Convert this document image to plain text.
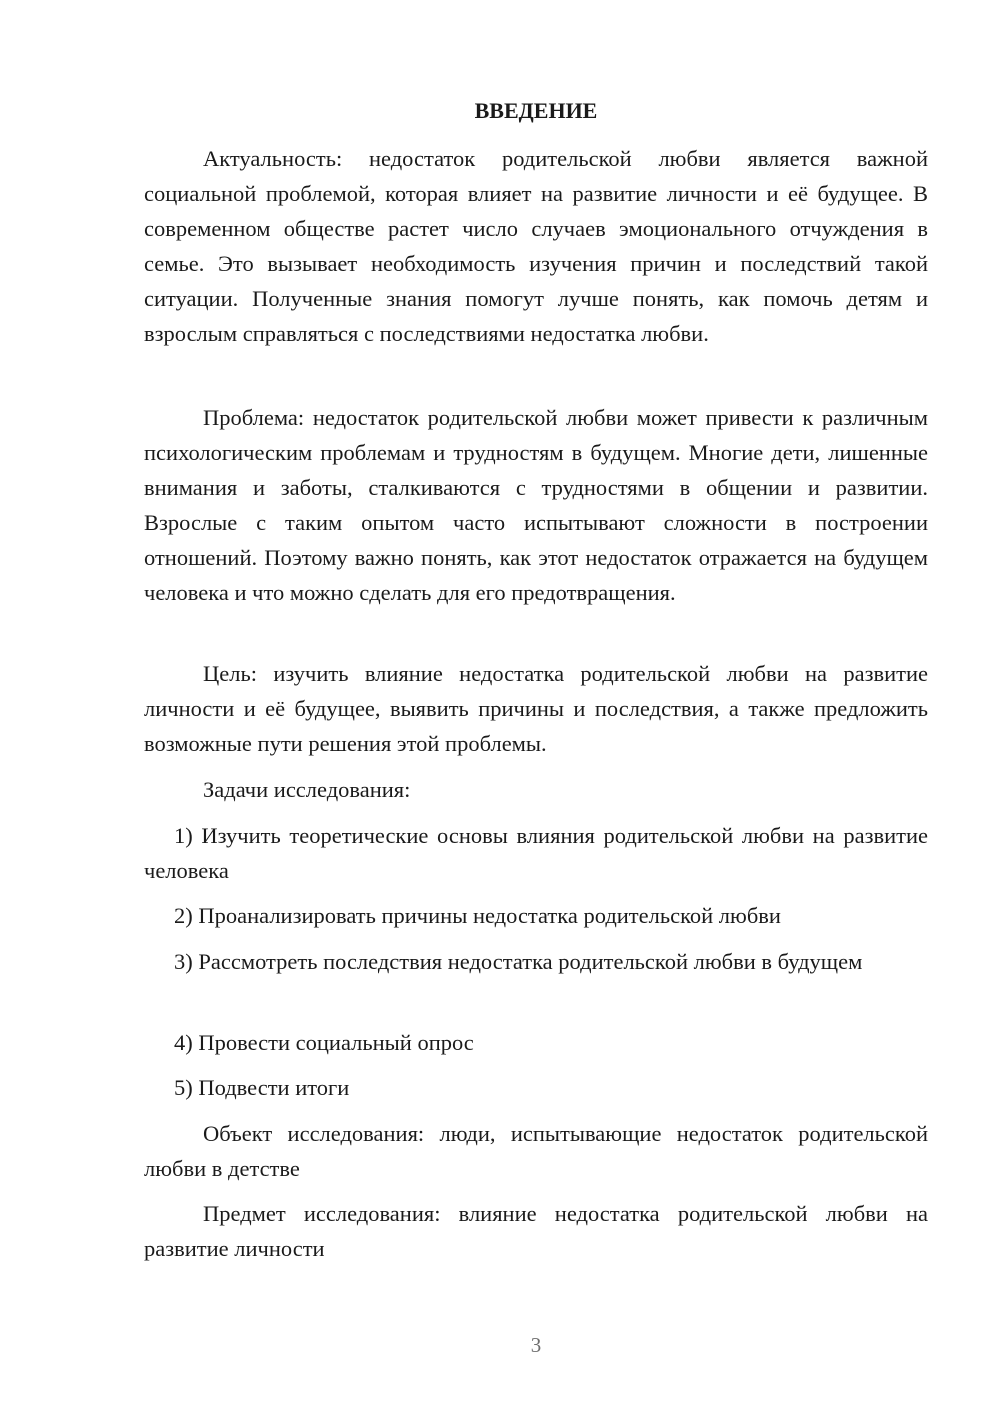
ВВЕДЕНИЕ

Актуальность: недостаток родительской любви является важной социальной проблемой, которая влияет на развитие личности и её будущее. В современном обществе растет число случаев эмоционального отчуждения в семье. Это вызывает необходимость изучения причин и последствий такой ситуации. Полученные знания помогут лучше понять, как помочь детям и взрослым справляться с последствиями недостатка любви.

Проблема: недостаток родительской любви может привести к различным психологическим проблемам и трудностям в будущем. Многие дети, лишенные внимания и заботы, сталкиваются с трудностями в общении и развитии. Взрослые с таким опытом часто испытывают сложности в построении отношений. Поэтому важно понять, как этот недостаток отражается на будущем человека и что можно сделать для его предотвращения.

Цель: изучить влияние недостатка родительской любви на развитие личности и её будущее, выявить причины и последствия, а также предложить возможные пути решения этой проблемы.

Задачи исследования:

1) Изучить теоретические основы влияния родительской любви на развитие человека

2) Проанализировать причины недостатка родительской любви

3) Рассмотреть последствия недостатка родительской любви в будущем

4) Провести социальный опрос

5) Подвести итоги

Объект исследования: люди, испытывающие недостаток родительской любви в детстве

Предмет исследования: влияние недостатка родительской любви на развитие личности

3
